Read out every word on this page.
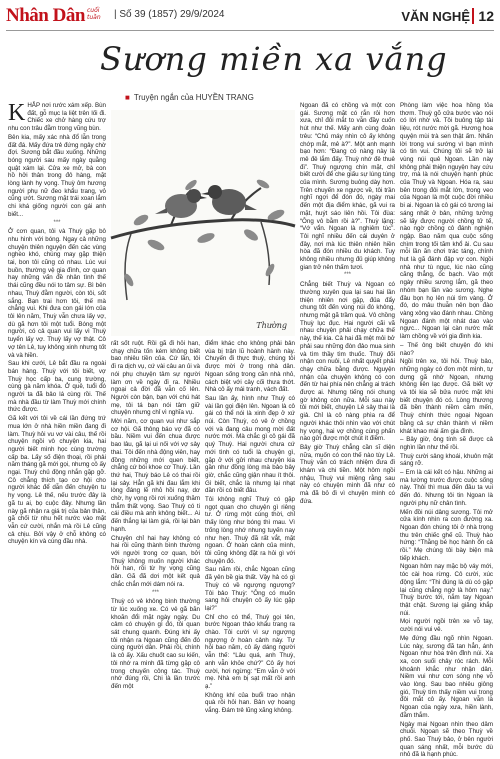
Nhân Dân cuối tuần	| Số 39 (1857) 29/9/2024	VĂN NGHỆ 12
Sương miền xa vắng
■ Truyện ngắn của HUYỀN TRANG
K HẮP nơi rước xám xếp. Bùn đất, gỗ mục la liệt trên lối đi. Chiếc xe chở hàng cứu trợ nhu con trâu đằm trong vũng bùn.

Bên kia, mấy xác nhà đổ lẫn trong đất đá. Mấy đứa trẻ đứng ngây chờ đợi. Sương bắt đầu xuống. Những bóng người sau mấy ngày quằng quật xám lại. Cửa xe mở, bà con hồ hởi thân trong đô hàng, mặt lòng lành hy vọng. Thuỳ ôm hương người phụ nữ đeo khẩu trang, vỏ cũng ướt. Sương mặt trái xoan lắm chi khá giống người con gái anh biết...

***

Ở cơn quan, tôi và Thuỳ gặp bô nhu hình với bóng. Ngay cả những chuyện thiên nguyện đến các vùng nghèo khó, chúng may gặp thiện tai, bon tôi cũng có nhau. Lúc vui buồn, thường vệ gia đình, cơ quan hay những vấn đề nhân tình thế thái cũng đều nói to tâm sự. Bì bên nhau, Thuỳ đằm người, còn tôi, sốt sắng. Bạn trai hơn tôi, thế mà chẳng vui. Khi đưa con gái lớn của tôi lên năm, Thuỳ vẫn chưa lấy vợ, dù gã hơn tôi một tuổi. Bóng một người, có cả quan vui lấy vì Thuỳ tuyển lấy vợ. Thuỳ lấy vợ thật. Cô vợ tên Lê, tuy không xinh nhưng tốt và và hiền.

Sau khi cưới, Lê bắt đầu ra ngoài bán hàng. Thuỳ với tôi biết, vợ Thuỳ học cấp ba, cung trường, cùng gà năm khóa. Ở quê, tuổi đó người ta đã bảo lá cùng rồi. Thế mà nhà đầu từ làm Thuỳ mới chính thức được.

Gã kết với tôi về cái lần đứng trứ mua lớn ở nhà hiền miền đang đi làm. Thuỳ hỏi vu vơ vài câu, thế rồi chuyện ngồi vô chuyện kia, hai người biết mình học cùng trường cấp ba. Lấy số điện thoại, rồi phải năm tháng gã mới gọi, nhưng cô ấy ngại. Thuỳ chủ động nhắn gặp gỡ. Cô chẳng thích tạo cơ hội cho người khác để dẫn đến chuyện tu hy vọng. Lê thế, nếu trước đây là gã tu ai, bọ cuộc đây. Nhưng lần này gã nhận ra giá trị của bản thân, gã chối từ nhu hết nước vào mặt vẫn cứ cười, nhắn mà rồi Lê cũng cả chịu. Bởi vậy ở chỗ không có chuyện kín và cùng đầu nhà.

Thường

rất sốt ruột. Rồi gã đi hỏi han, chạy chữa tốn kém không biết bao nhiêu tiền của. Cứ lần, tôi đi ra dịch vụ, cứ vài câu an ủi và nói phụ chuyện tâm sự người làm ơn về ngày đi ra. Nhiều ngoại cả đời đã vẫn cố lên. Người còn bận, bạn với chú hát mẹ, tôi tá bạn nói tâm giữ chuyện nhưng chỉ vì nghĩa vụ.

Mời năm, cơ quan vui như sắp cơ hội. Gã thông báo vợ đã có bầu. Niềm vui đến chua được bao lâu, gã lại ui nối với vợ sảy thai. Tôi đến nhà động viên, hay đồng những mới quen biết, chẳng cứ bói khoe cơ Thuỳ. Lần thứ hai, Thuỳ báo Lê có thai rồi lại sảy. Hẳn gã khi đau lắm khi lòng đáng lẽ nhỏ hồi nay, dơ chờ, hy vọng rồi rơi xuống thăm thẳm thất vọng. Sao Thuỳ có ti cái điều mà anh không biết... Ai đến thắng lại làm giá, rồi lại bàn hạnh.

Chuyện chỉ hai hay không có hai rồi cũng thành bình thường với người trong cơ quan, bởi Thuỳ không muốn người khác hỏi han, rồi từ hy vọng cũng dần. Gã đã dơi một kết quả chắc chắn mới dám nói ra.

***

Thuỳ có vẻ không bình thường từ lúc xuống xe. Có vẻ gã băn khoăn đổi mặt ngày ngày. Du cảm có chuyện gì đó, tôi quan sát chung quanh. Đúng khi ấy tôi nhận ra Ngoan cũng đến đó cùng người dân. Phải rồi, chính là cô ấy. Xấu chuốt cao su kiến, tôi nhớ ra mình đã từng gặp cô trong chuyến công tác. Thuỳ nhớ đúng rồi, Chi là lần trước đến một

điểm khác cho không phải bản vùa bị trận lũ hoành hành này. Chuyến đi thực thuỳ, chúng tôi được mời ở trong nhà dân. Ngoan sống trong căn nhà nhỏ, cách biệt với cây cối thưa thớt. Nhà cô ấy mái tranh, vách đất.

Sau lần ấy, hình như Thuỳ có vài lần gọi điện lên. Ngoan là cô gái có thể nói là xinh đẹp ở xứ núi. Còn Thuỳ, có vẻ ở chồng với và đang câu mong mời đất nước mới. Mà chắc gì cô gái đã quý Thuỳ. Hai người chưa cứ mới tình có tuổi là chuyện gì, gặp ở với gửi nhau chuyện kia gần như đồng lòng mà bảo bây giờ, chắc cũng giận nhau ít thôi. Gì biết, chắc là nhưng lại nhạt dần rồi có biết đâu.

Tôi không nghĩ Thuỳ có gặp ngọt quan cho chuyện gì riêng tư. Ở rừng một cùng thời, chỉ thấy lòng như bóng thì mau. Vì trống lòng nhớ nhung tuyến nay như hẹn. Thuỳ đã rất vắt, mặt ngoan. Ở hoàn cảnh của mình, tôi cũng không đặt ra hỏi gì với chuyện đó.

Sau năm rồi, chắc Ngoan cũng đã yên bề gia thất. Vậy hả có gì Thuỳ có về ngượng ngượng? Tôi bảo Thuỳ: “Ông có muốn sang hỏi chuyện cô ấy lúc gặp lại?”

Chỉ cho có thể, Thuỳ gọi tên, bước Ngoan thảo khấu trang ra chào. Tôi cười vì sự ngượng ngượng ở hoàn cảnh này. Tự hỏi bao năm, cô ấy dáng người vẫn thế: “Lâu quá, anh Thuỳ, anh vẫn khỏe chứ?” Cô ấy hơi cười, hơi ngừng: “Em vẫn ở với mẹ. Nhà em bị sạt mất rồi anh ạ.”

Không khí của buổi trao nhận quà rôi hỏi han. Bản vợ hoang vắng. Đám trẻ lũng xăng không.

Ngoan đã có chồng và một con gái. Sương mặt có rắn rỏi hơn xưa, chỉ đôi mắt to vẫn đầy cuốn hút như thế. Mấy anh cùng đoàn trêu: “Chủ máy nhìn cô ấy không chớp mắt, mê à?”. Một anh mạnh bạo hơn: “Đang có nàng này là mê đê lắm đấy. Thuỳ nhớ đê thuê đi”. Thuỳ ngượng chín mặt, chỉ biết cười để che giấu sự lúng túng của mình. Sương buông dày hơn. Trên chuyến xe ngược về, tôi trần nghĩ ngợi để đón đó, ngày mai đến một địa điểm khác, gã vui ra mặt, huýt sáo liên hồi. Tôi đùa: “Ông vô bằm rồi à?”. Thuỳ lặng: “Vớ vẩn. Ngoan là nghiêm túc”. Tôi nghĩ nhiều đến cái duyên ở đây, nơi mà lúc thiên nhiên hiền hòa đã đón nhiều du khách. Tuy không nhiều nhưng đủ giúp không gian trở nên thấm tươi.

***

Chẳng biết Thuỳ và Ngoan có thường xuyên qua lại sau hai lần thiện nhiên nơi gặp, đủa đẩy chung tốt đến vùng núi đó không, nhưng mặt gã trầm quá. Vô chồng Thuỳ lục đục. Hai người cãi vã nhau chuyện phải chạy chữa thế này, thế kia. Cả hai đã mệt mỏi bở phải sau những đòn đảo mua sinh và tìm thầy tìm thuốc. Thuỳ đối nhận con nuôi, Lê nhất quyết phải chạy chữa bằng được. Nguyện nhận của chuyện không có con đến từ hai phía nên chẳng ai trách được ai. Nhưng tiếng nói chung gờ không còn nữa. Mỗi sau này tôi mới biết, chuyện Lê sảy thai là giả. Chỉ là cô nàng phìa ra để người khác thôi nhìn vào với chút hy vọng, hai vợ chồng cùng phấn nào gửi được một chút ít điềm.

Bây giờ Thuỳ chẳng cần sĩ diện nữa, muốn có con thế nào tùy Lê. Thuỳ vẫn có trách nhiệm đưa đi khám và chi tiền. Một hôm ngồi nhậu, Thuỳ vui miệng rằng sau này có chuyện mình đã như có mà đã bỏ đi vì chuyện mình có đứa.

Phòng làm việc hoa hồng tỏa thơm. Thuỳ gõ cửa bước vào nói có lời nhờ vả. Tôi buông tập tài liệu, rót nước mời gã. Hương hoa quyện mùi trà sen thật ấm. Nhấn lời trong vui sướng vì bạn mình có tin vui. Chúng tôi sẽ trở lại vùng núi quê Ngoan. Lần này không phải thiện nguyện hay cứu trợ, mà là nói chuyện hạnh phúc của Thuỳ và Ngoan. Hóa ra, sau bên trong đôi mắt lớn, trong veo của Ngoan là một cuộc đời nhiều bi ai. Ngoan là cô gái có tương lai sáng nhất ở bản, những tưởng sẽ lấy được người chồng tử tế, nào ngờ chồng cô đánh nghiện ngập. Bao năm qua cuộc sống chìm trong tối tăm khổ ải. Cu sau mỗi lần ăn chơi trác táng, chính hut là gã đánh đập vợ con. Ngồi nhà như tù ngục, lúc nào cũng căng thẳng, ốc bạch. Vào một ngày nhiều sương lắm, gã theo nhóm bạn lần vào sương. Nghe đâu bọn họ lên núi tìm vàng. Ở đó, do mâu thuẫn nên bọn đào vàng xông vào đánh nhau. Chồng Ngoan đánh một nhát dao vào ngực... Ngoan lại càn nước mắt làm chồng về với gia đình kia.

– Thế ông biết chuyện đó khi nào?

Ngồi trên xe, tôi hỏi. Thuỳ bảo, những ngày có đơn một mình, tự dưng gã nhớ Ngoan, nhưng không liên lạc được. Gã biết vợ và tôi kia sẽ bửa nước mặt khi biết chuyện đó có. Lòng thương đã bền thành niềm cảm mến, Thuỳ chính thức ngoại Ngoan bằng cả sự chân thành vì niềm khát khao mái ấm gia đình.

– Bây giờ, ông tính sẽ được cả nghìn lần như thế rồi.

Thuỳ cười sảng khoái, khuôn mặt sáng rỡ.

– Em là cái kết có hậu. Những ai mà lường trước được cuộc sống này. Thôi thì mua đến đâu ta vui đến đó. Nhưng tôi tin Ngoan là người phụ nữ chân tình.

Mến đồi núi dâng sương. Tôi mở cửa kính nhìn ra con đường xa. Ngoan đón chúng tôi ở nhà trọng thu trên chiếc ghế cũ. Thuỳ hào hứng: “Thằng bé học hành ổn cả rồi.” Mẹ chúng tôi bày biện mà tiếp khách.

Ngoan hôm nay mặc bộ váy mới, tóc cài hoa rừng. Cô cười, xúc động lắm: “Thì đúng là dù có gặp lại cũng chẳng ngờ là hôm nay.” Thuỳ bước tới, nắm tay Ngoan thật chặt. Sương lại giăng khắp núi.

Mọi người ngồi trên xe vỗ tay, cười nói vui vẻ.

Mẹ đứng đầu ngõ nhìn Ngoan. Lúc này, sương đã tan hẳn, ánh Ngoan như hòa trên đỉnh núi. Xa xa, con suối chảy róc rách. Mỗi khoảnh khắc như nhận dân. Niềm vui như cơn sóng nhẹ vỗ vào lòng. Sau bao nhiêu giông gió, Thuỳ tìm thấy niềm vui trong đôi mắt cô ấy. Ngoan vẫn là Ngoan của ngày xưa, hiền lành, đằm thắm.

Ngày mai Ngoan nhìn theo dâm chuỗi. Ngoan sẽ theo Thuỳ về phố. Sao Thuỳ bảo, ở bên người quan sáng nhất, mỗi bước dù nhỏ đã là hạnh phúc.
